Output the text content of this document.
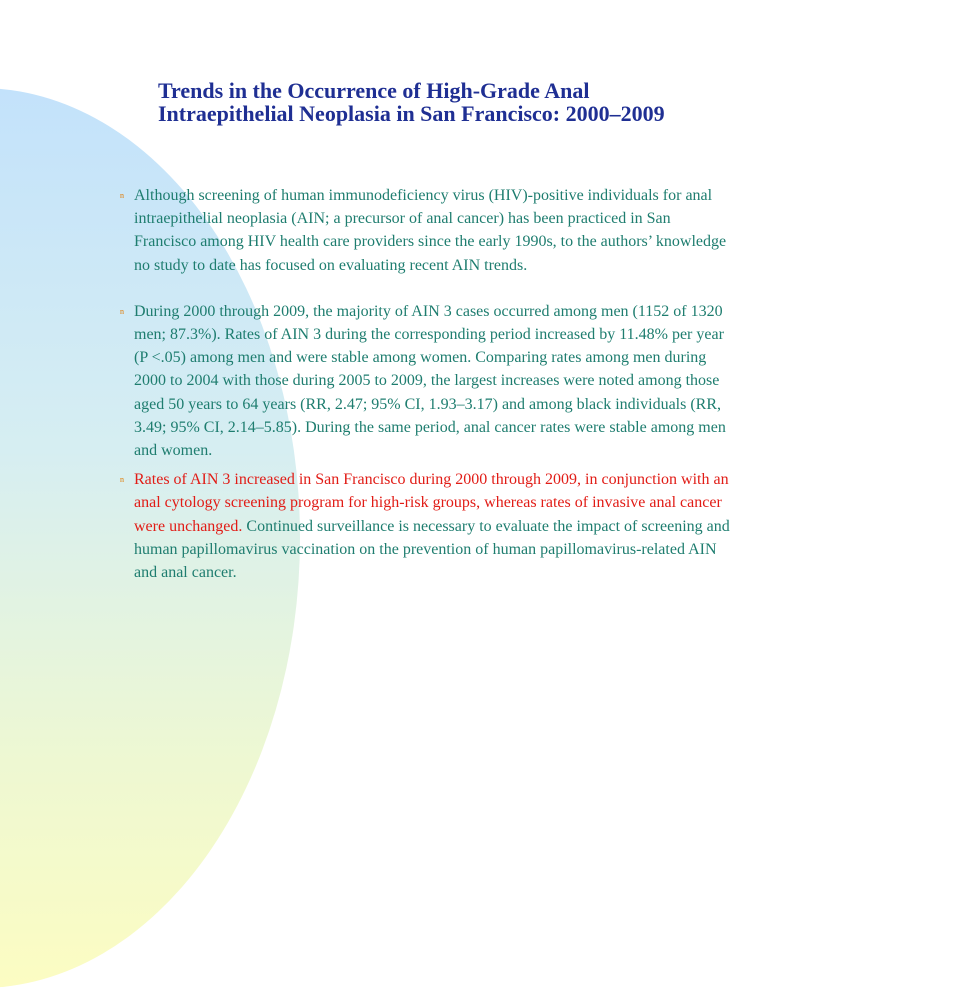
Trends in the Occurrence of High-Grade Anal
Intraepithelial Neoplasia in San Francisco: 2000–2009
n Although screening of human immunodeficiency virus (HIV)-positive individuals for anal intraepithelial neoplasia (AIN; a precursor of anal cancer) has been practiced in San Francisco among HIV health care providers since the early 1990s, to the authors’ knowledge no study to date has focused on evaluating recent AIN trends.
n During 2000 through 2009, the majority of AIN 3 cases occurred among men (1152 of 1320 men; 87.3%). Rates of AIN 3 during the corresponding period increased by 11.48% per year (P <.05) among men and were stable among women. Comparing rates among men during 2000 to 2004 with those during 2005 to 2009, the largest increases were noted among those aged 50 years to 64 years (RR, 2.47; 95% CI, 1.93–3.17) and among black individuals (RR, 3.49; 95% CI, 2.14–5.85). During the same period, anal cancer rates were stable among men and women.
n Rates of AIN 3 increased in San Francisco during 2000 through 2009, in conjunction with an anal cytology screening program for high-risk groups, whereas rates of invasive anal cancer were unchanged. Continued surveillance is necessary to evaluate the impact of screening and human papillomavirus vaccination on the prevention of human papillomavirus-related AIN and anal cancer.
